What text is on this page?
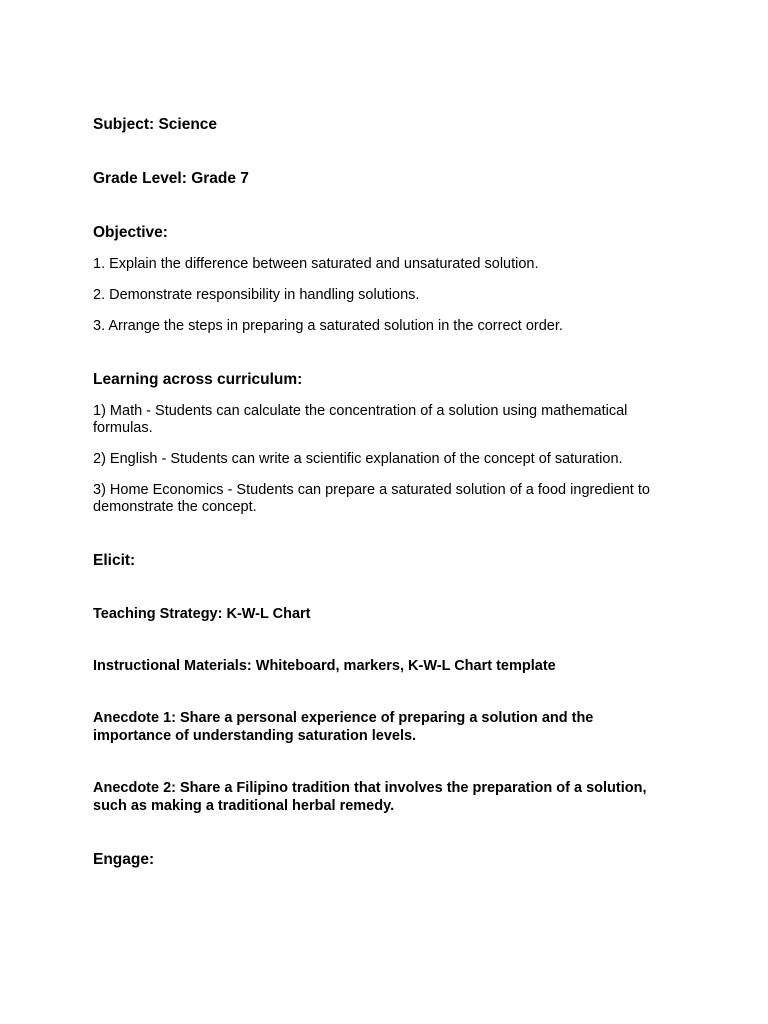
Subject: Science

Grade Level: Grade 7

Objective:

1. Explain the difference between saturated and unsaturated solution.

2. Demonstrate responsibility in handling solutions.

3. Arrange the steps in preparing a saturated solution in the correct order.

Learning across curriculum:

1) Math - Students can calculate the concentration of a solution using mathematical formulas.

2) English - Students can write a scientific explanation of the concept of saturation.

3) Home Economics - Students can prepare a saturated solution of a food ingredient to demonstrate the concept.

Elicit:

Teaching Strategy: K-W-L Chart

Instructional Materials: Whiteboard, markers, K-W-L Chart template

Anecdote 1: Share a personal experience of preparing a solution and the importance of understanding saturation levels.

Anecdote 2: Share a Filipino tradition that involves the preparation of a solution, such as making a traditional herbal remedy.

Engage:
